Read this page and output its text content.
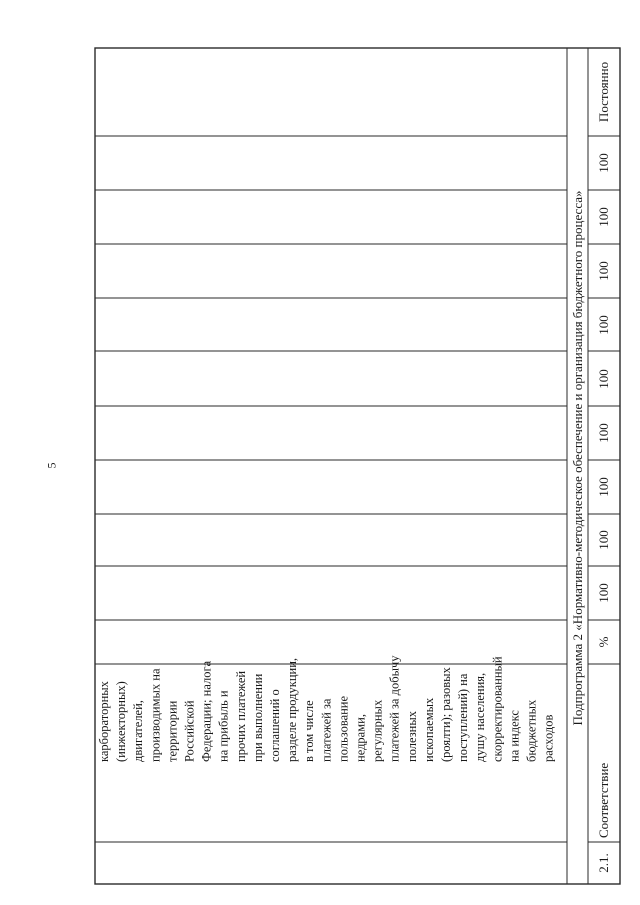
5
карбораторных (инжекторных) двигателей, производимых на территории Российской Федерации; налога на прибыль и прочих платежей при выполнении соглашений о разделе продукции, в том числе платежей за пользование недрами, регулярных платежей за добычу полезных ископаемых (роялти); разовых поступлений) на душу населения, скорректированный на индекс бюджетных расходов
Подпрограмма 2 «Нормативно-методическое обеспечение и организация бюджетного процесса»
2.1.
Соответствие
%
100
100
100
100
100
100
100
100
100
Постоянно
